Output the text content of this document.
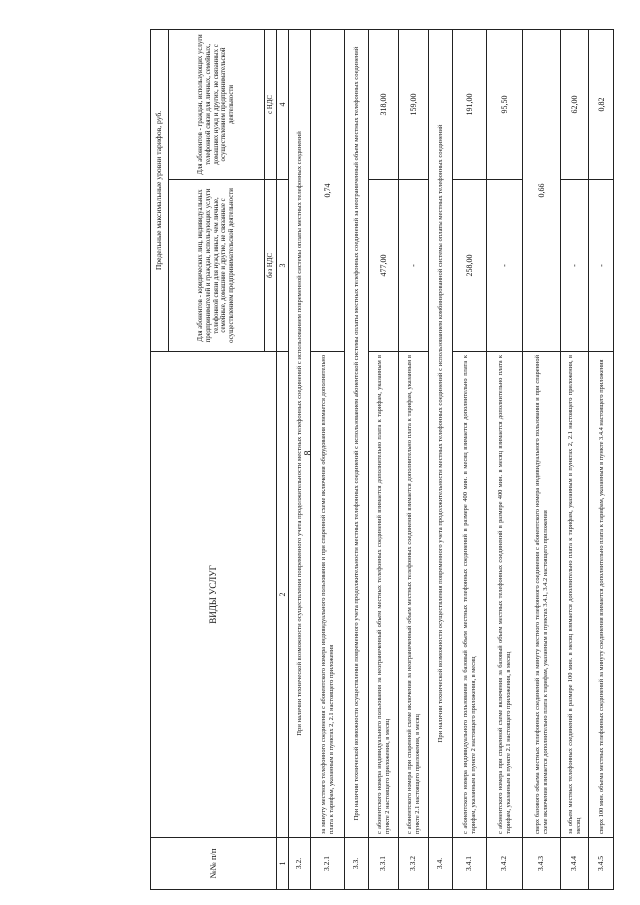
8
№№ п/п	ВИДЫ УСЛУГ	Предельные максимальные уровни тарифов, руб.	
		Для абонентов - юридических лиц, индивидуальных предпринимателей и граждан, использующих услуги телефонной связи для нужд иных, чем личные, семейные, домашние и другие, не связанные с осуществлением предпринимательской деятельности	Для абонентов - граждан, использующих услуги телефонной связи для личных, семейных, домашних нужд и других, не связанных с осуществлением предпринимательской деятельности
		без НДС	с НДС
1	2	3	4
3.2.	При наличии технической возможности осуществления повременного учета продолжительности местных телефонных соединений с использованием повременной системы оплаты местных телефонных соединений		
3.2.1	за минуту местного телефонного соединения с абонентского номера индивидуального пользования и при спаренной схеме включения оборудования взимается дополнительно плата к тарифам, указанным в пунктах 2, 2.1 настоящего приложения	0,74	
3.3.	При наличии технической возможности осуществления повременного учета продолжительности местных телефонных соединений с использованием абонентской системы оплаты местных телефонных соединений за неограниченный объем местных телефонных соединений		
3.3.1	с абонентского номера индивидуального пользования за неограниченный объем местных телефонных соединений взимается дополнительно плата к тарифам, указанным в пункте 2 настоящего приложения, в месяц	477,00	318,00
3.3.2	с абонентского номера при спаренной схеме включения за неограниченный объем местных телефонных соединений взимается дополнительно плата к тарифам, указанным в пункте 2.1 настоящего приложения, в месяц	-	159,00
3.4.	При наличии технической возможности осуществления повременного учета продолжительности местных телефонных соединений с использованием комбинированной системы оплаты местных телефонных соединений		
3.4.1	с абонентского номера индивидуального пользования за базовый объем местных телефонных соединений в размере 400 мин. в месяц взимается дополнительно плата к тарифам, указанным в пункте 2 настоящего приложения, в месяц	258,00	191,00
3.4.2	с абонентского номера при спаренной схеме включения за базовый объем местных телефонных соединений в размере 400 мин. в месяц взимается дополнительно плата к тарифам, указанным в пункте 2.1 настоящего приложения, в месяц	-	95,50
3.4.3	сверх базового объема местных телефонных соединений за минуту местного телефонного соединения с абонентского номера индивидуального пользования и при спаренной схеме включения взимается дополнительно плата к тарифам, указанным в пунктах 3.4.1, 3.4.2 настоящего приложения	0,66	
3.4.4	за объем местных телефонных соединений в размере 100 мин. в месяц взимается дополнительно плата к тарифам, указанным в пунктах 2, 2.1 настоящего приложения, в месяц	-	62,00
3.4.5	сверх 100 мин. объема местных телефонных соединений за минуту соединения взимается дополнительно плата к тарифам, указанным в пункте 3.4.4 настоящего приложения	-	0,82
